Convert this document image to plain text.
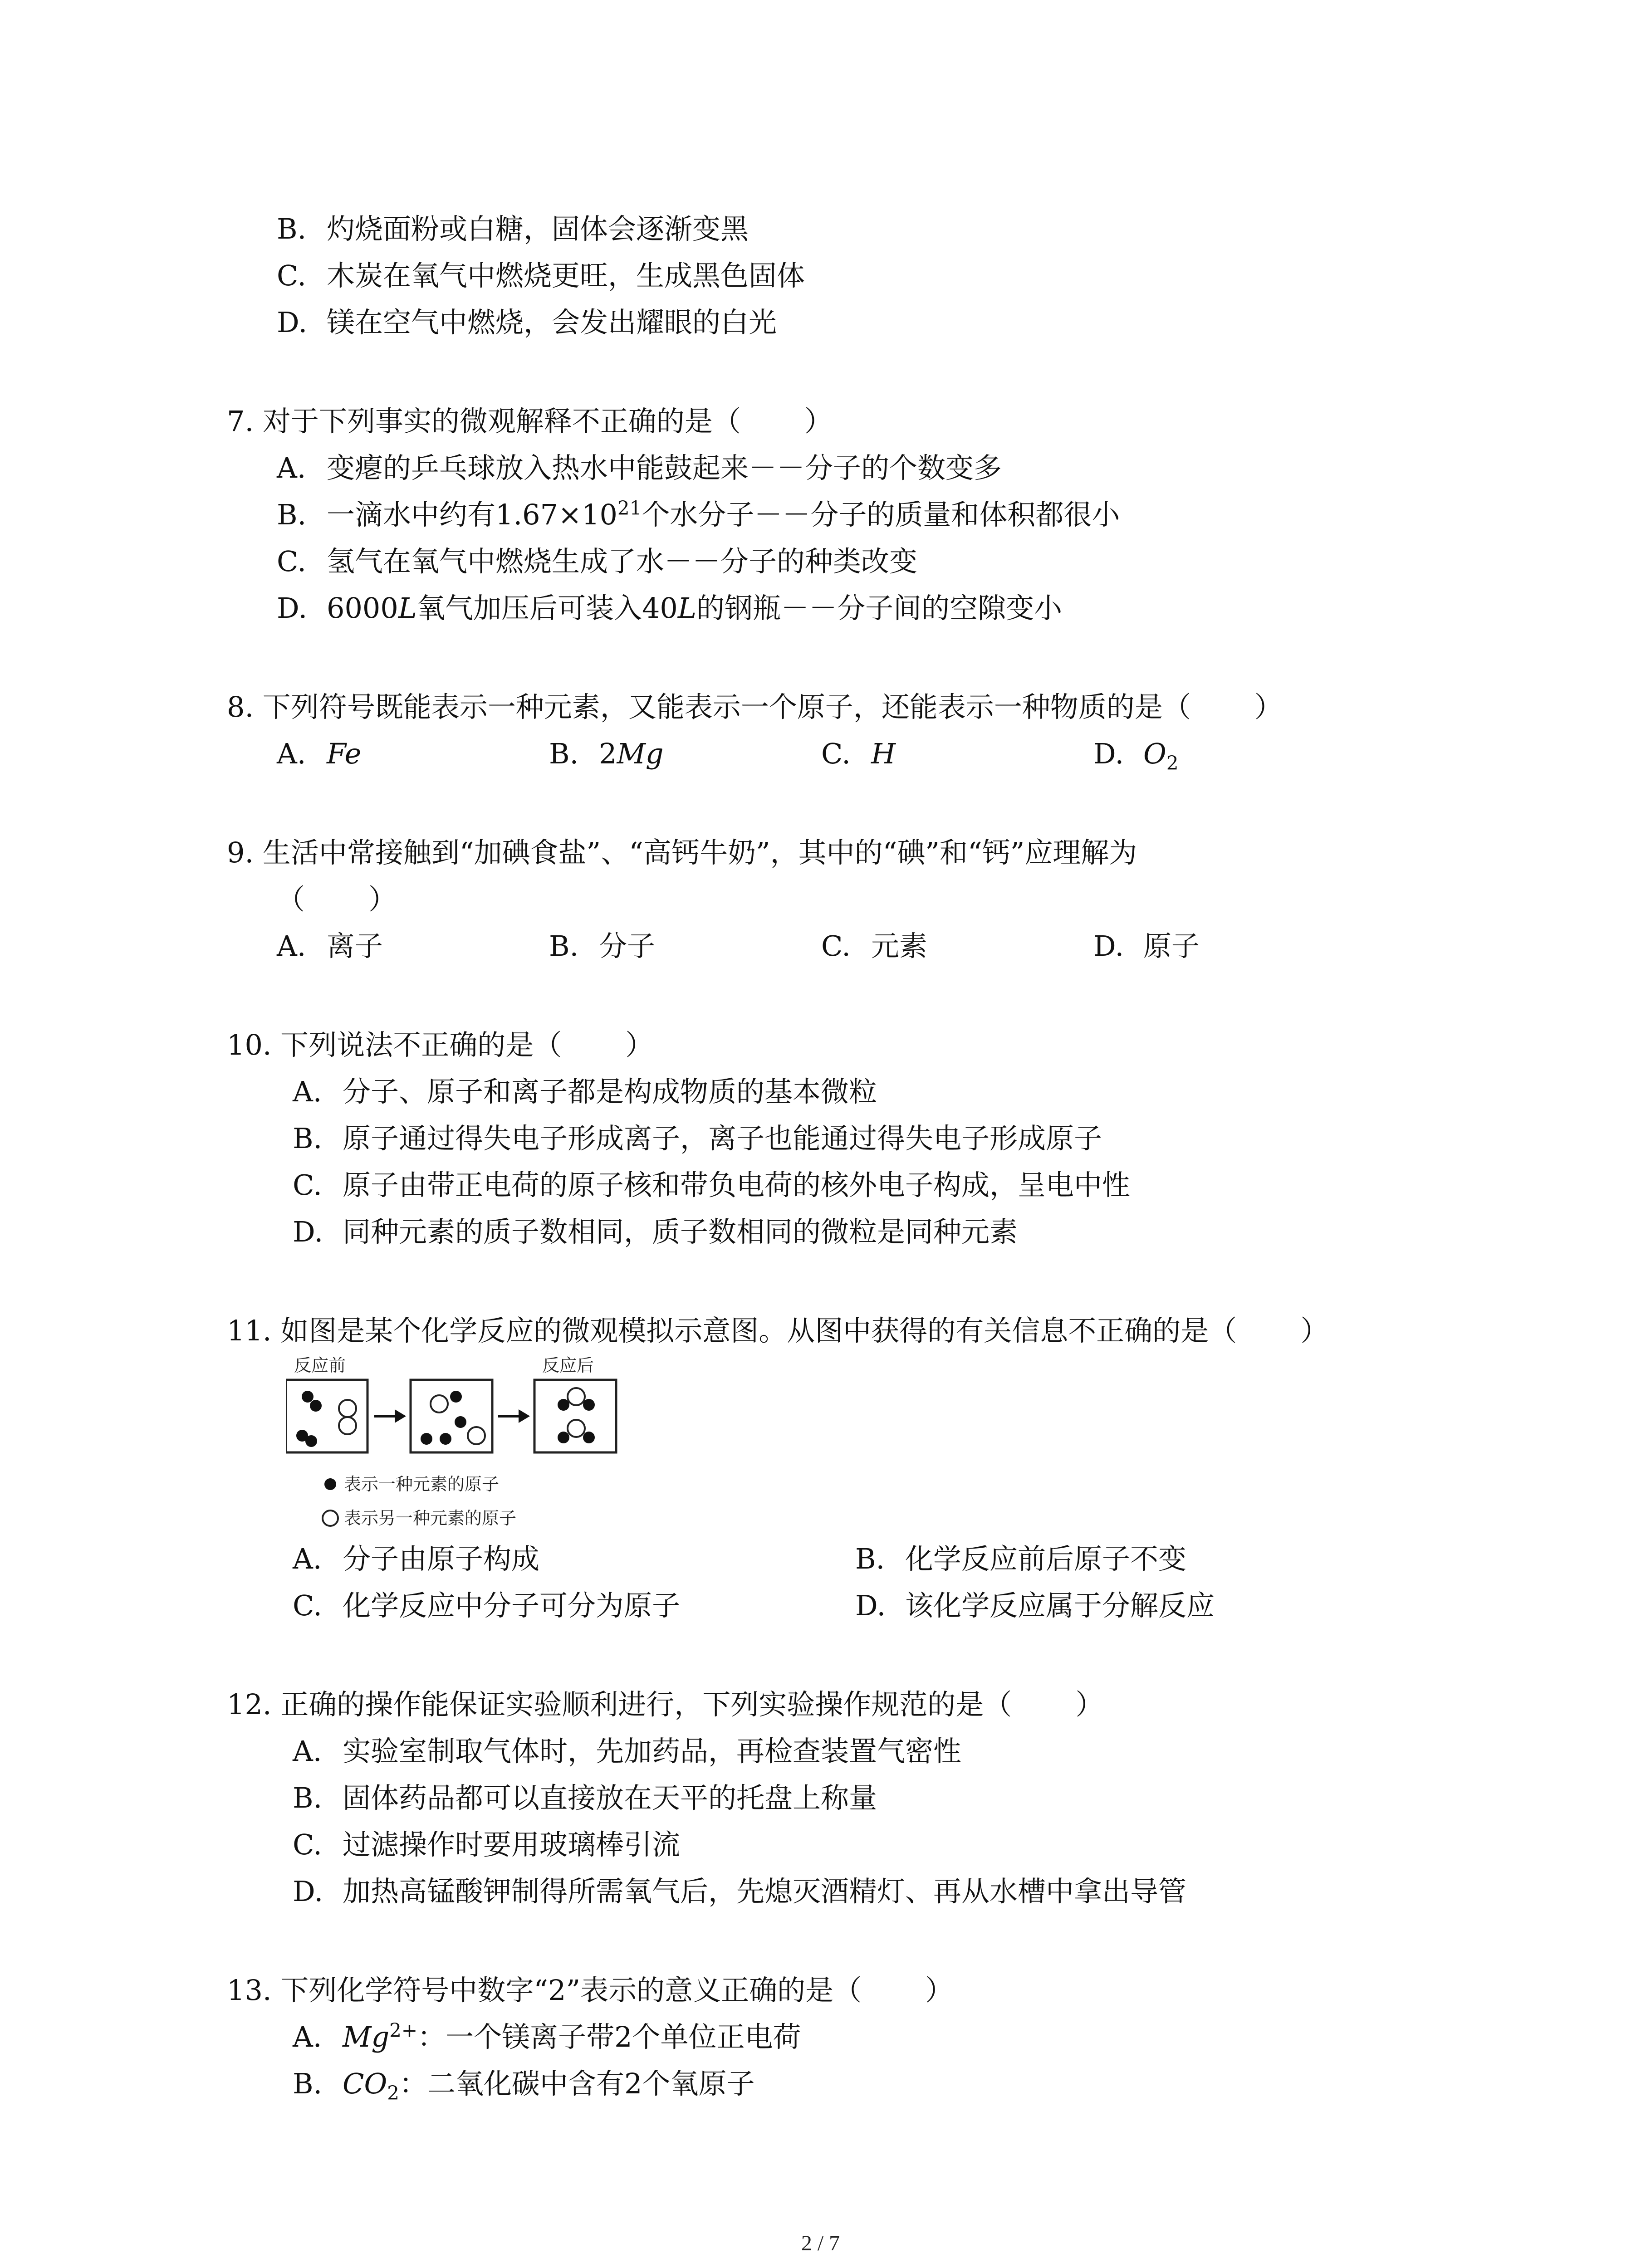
B. 灼烧面粉或白糖，固体会逐渐变黑
C. 木炭在氧气中燃烧更旺，生成黑色固体
D. 镁在空气中燃烧，会发出耀眼的白光
7. 对于下列事实的微观解释不正确的是（ ）
A. 变瘪的乒乓球放入热水中能鼓起来－－分子的个数变多
B. 一滴水中约有$1.67\times 10^{21}$个水分子－－分子的质量和体积都很小
C. 氢气在氧气中燃烧生成了水－－分子的种类改变
D. 6000L氧气加压后可装入40L的钢瓶－－分子间的空隙变小
8. 下列符号既能表示一种元素，又能表示一个原子，还能表示一种物质的是（ ）
A. Fe	B. 2Mg	C. H	D. $O_2$
9. 生活中常接触到“加碘食盐”、“高钙牛奶”，其中的“碘”和“钙”应理解为
（ ）
A. 离子	B. 分子	C. 元素	D. 原子
10. 下列说法不正确的是（ ）
A. 分子、原子和离子都是构成物质的基本微粒
B. 原子通过得失电子形成离子，离子也能通过得失电子形成原子
C. 原子由带正电荷的原子核和带负电荷的核外电子构成，呈电中性
D. 同种元素的质子数相同，质子数相同的微粒是同种元素
11. 如图是某个化学反应的微观模拟示意图。从图中获得的有关信息不正确的是（ ）
反应前	反应后
表示一种元素的原子
表示另一种元素的原子
A. 分子由原子构成	B. 化学反应前后原子不变
C. 化学反应中分子可分为原子	D. 该化学反应属于分解反应
12. 正确的操作能保证实验顺利进行，下列实验操作规范的是（ ）
A. 实验室制取气体时，先加药品，再检查装置气密性
B. 固体药品都可以直接放在天平的托盘上称量
C. 过滤操作时要用玻璃棒引流
D. 加热高锰酸钾制得所需氧气后，先熄灭酒精灯、再从水槽中拿出导管
13. 下列化学符号中数字“2”表示的意义正确的是（ ）
A. $Mg^{2+}$：一个镁离子带2个单位正电荷
B. $CO_2$：二氧化碳中含有2个氧原子
2 / 7
